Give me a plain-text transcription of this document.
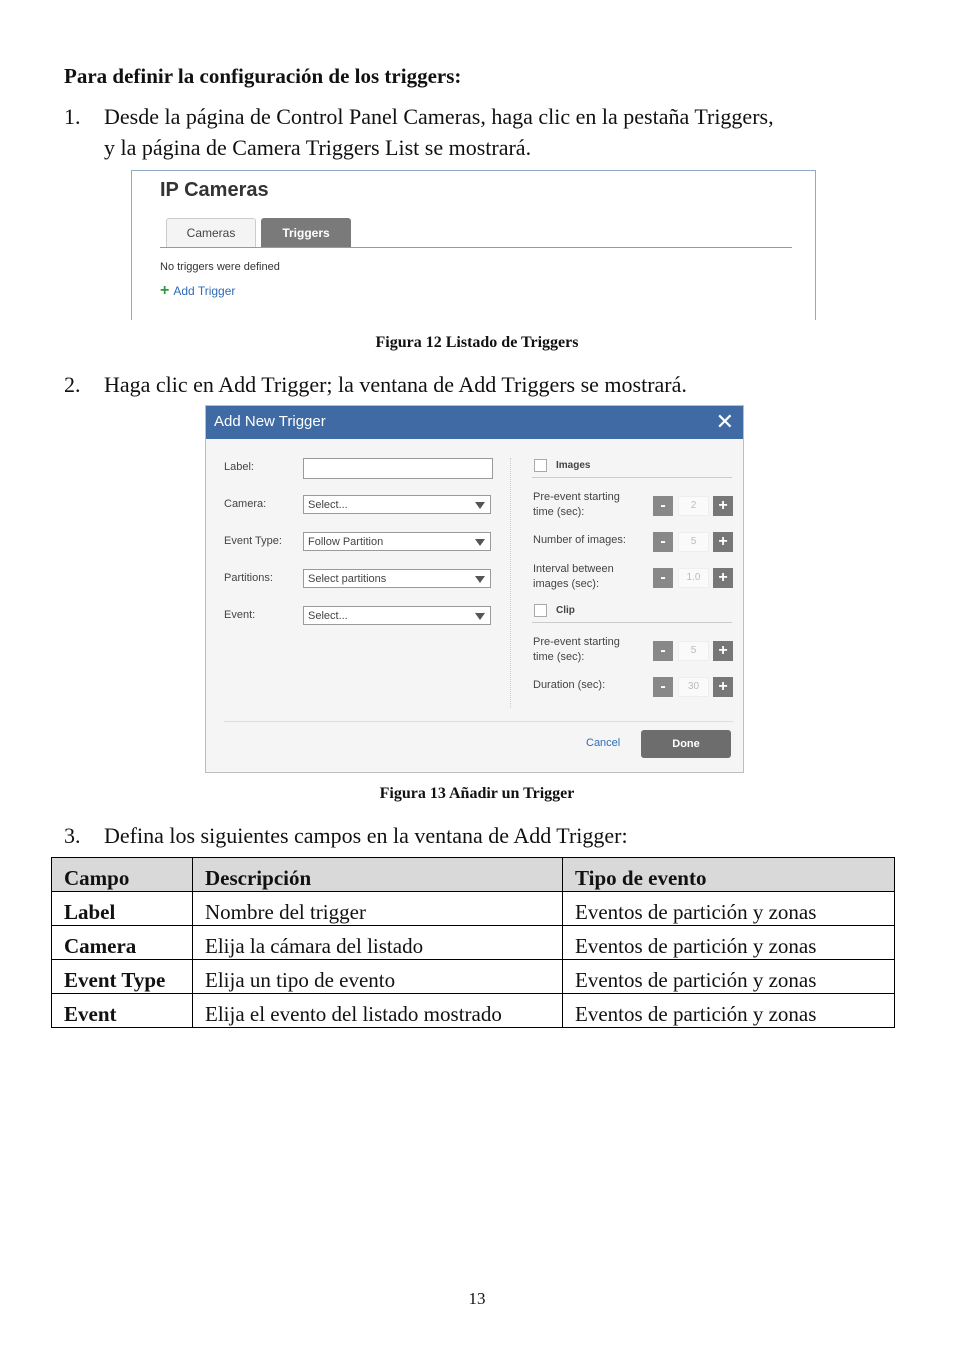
Para definir la configuración de los triggers:
1. Desde la página de Control Panel Cameras, haga clic en la pestaña Triggers,
y la página de Camera Triggers List se mostrará.
IP Cameras
Cameras	Triggers
No triggers were defined
+ Add Trigger
Figura 12 Listado de Triggers
2. Haga clic en Add Trigger; la ventana de Add Triggers se mostrará.
Add New Trigger	✕
Label:
Camera:	Select...
Event Type:	Follow Partition
Partitions:	Select partitions
Event:	Select...
Images
Pre-event starting
time (sec):	-	2	+
Number of images:	-	5	+
Interval between
images (sec):	-	1.0	+
Clip
Pre-event starting
time (sec):	-	5	+
Duration (sec):	-	30	+
Cancel	Done
Figura 13 Añadir un Trigger
3. Defina los siguientes campos en la ventana de Add Trigger:
Campo	Descripción	Tipo de evento
Label	Nombre del trigger	Eventos de partición y zonas
Camera	Elija la cámara del listado	Eventos de partición y zonas
Event Type	Elija un tipo de evento	Eventos de partición y zonas
Event	Elija el evento del listado mostrado	Eventos de partición y zonas
13
